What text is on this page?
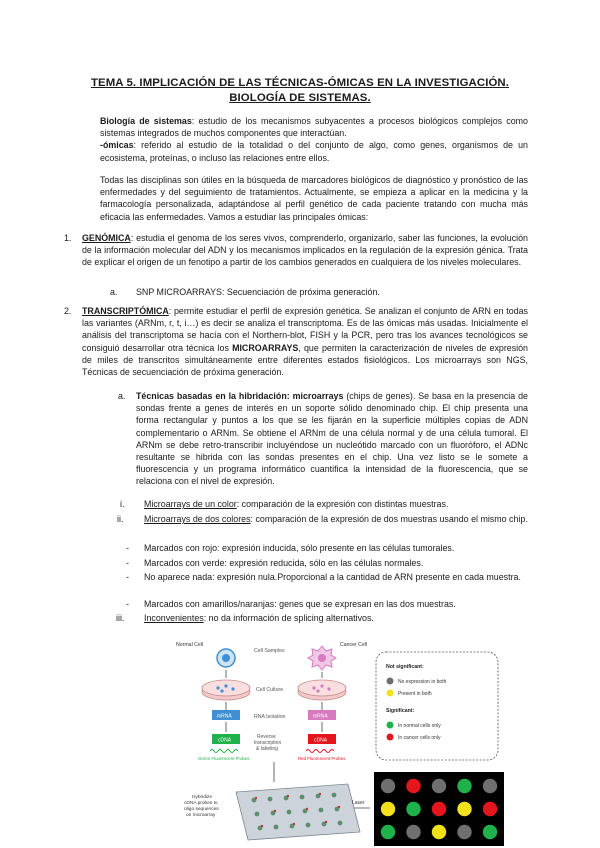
TEMA 5. IMPLICACIÓN DE LAS TÉCNICAS-ÓMICAS EN LA INVESTIGACIÓN.
BIOLOGÍA DE SISTEMAS.
Biología de sistemas: estudio de los mecanismos subyacentes a procesos biológicos complejos como sistemas integrados de muchos componentes que interactúan.
-ómicas: referido al estudio de la totalidad o del conjunto de algo, como genes, organismos de un ecosistema, proteínas, o incluso las relaciones entre ellos.
Todas las disciplinas son útiles en la búsqueda de marcadores biológicos de diagnóstico y pronóstico de las enfermedades y del seguimiento de tratamientos. Actualmente, se empieza a aplicar en la medicina y la farmacología personalizada, adaptándose al perfil genético de cada paciente tratando con mucha más eficacia las enfermedades. Vamos a estudiar las principales ómicas:
1. GENÓMICA: estudia el genoma de los seres vivos, comprenderlo, organizarlo, saber las funciones, la evolución de la información molecular del ADN y los mecanismos implicados en la regulación de la expresión génica. Trata de explicar el origen de un fenotipo a partir de los cambios generados en cualquiera de los niveles moleculares.
a. SNP MICROARRAYS: Secuenciación de próxima generación.
2. TRANSCRIPTÓMICA: permite estudiar el perfil de expresión genética. Se analizan el conjunto de ARN en todas las variantes (ARNm, r, t, i…) es decir se analiza el transcriptoma. Es de las ómicas más usadas. Inicialmente el análisis del transcriptoma se hacía con el Northern-blot, FISH y la PCR, pero tras los avances tecnológicos se consiguió desarrollar otra técnica los MICROARRAYS, que permiten la caracterización de niveles de expresión de miles de transcritos simultáneamente entre diferentes estados fisiológicos. Los microarrays son NGS, Técnicas de secuenciación de próxima generación.
a. Técnicas basadas en la hibridación: microarrays (chips de genes). Se basa en la presencia de sondas frente a genes de interés en un soporte sólido denominado chip. El chip presenta una forma rectangular y puntos a los que se les fijarán en la superficie múltiples copias de ADN complementario o ARNm. Se obtiene el ARNm de una célula normal y de una célula tumoral. El ARNm se debe retro-transcribir incluyéndose un nucleótido marcado con un fluoróforo, el ADNc resultante se hibrida con las sondas presentes en el chip. Una vez listo se le somete a fluorescencia y un programa informático cuantifica la intensidad de la fluorescencia, que se relaciona con el nivel de expresión.
i. Microarrays de un color: comparación de la expresión con distintas muestras.
ii. Microarrays de dos colores: comparación de la expresión de dos muestras usando el mismo chip.
- Marcados con rojo: expresión inducida, sólo presente en las células tumorales.
- Marcados con verde: expresión reducida, sólo en las células normales.
- No aparece nada: expresión nula.Proporcional a la cantidad de ARN presente en cada muestra.
- Marcados con amarillos/naranjas: genes que se expresan en las dos muestras.
iii. Inconvenientes: no da información de splicing alternativos.
Normal Cell	Cancer Cell
Cell Samples
Cell Culture
mRNA	mRNA
RNA Isolation
cDNA	cDNA
Reverse transcription & labeling
Green Fluorescent Probes	Red Fluorescent Probes
Not significant:
No expression in both
Present in both
Significant:
In normal cells only
In cancer cells only
Hybridize cDNA probes to oligo sequences on microarray
Laser
